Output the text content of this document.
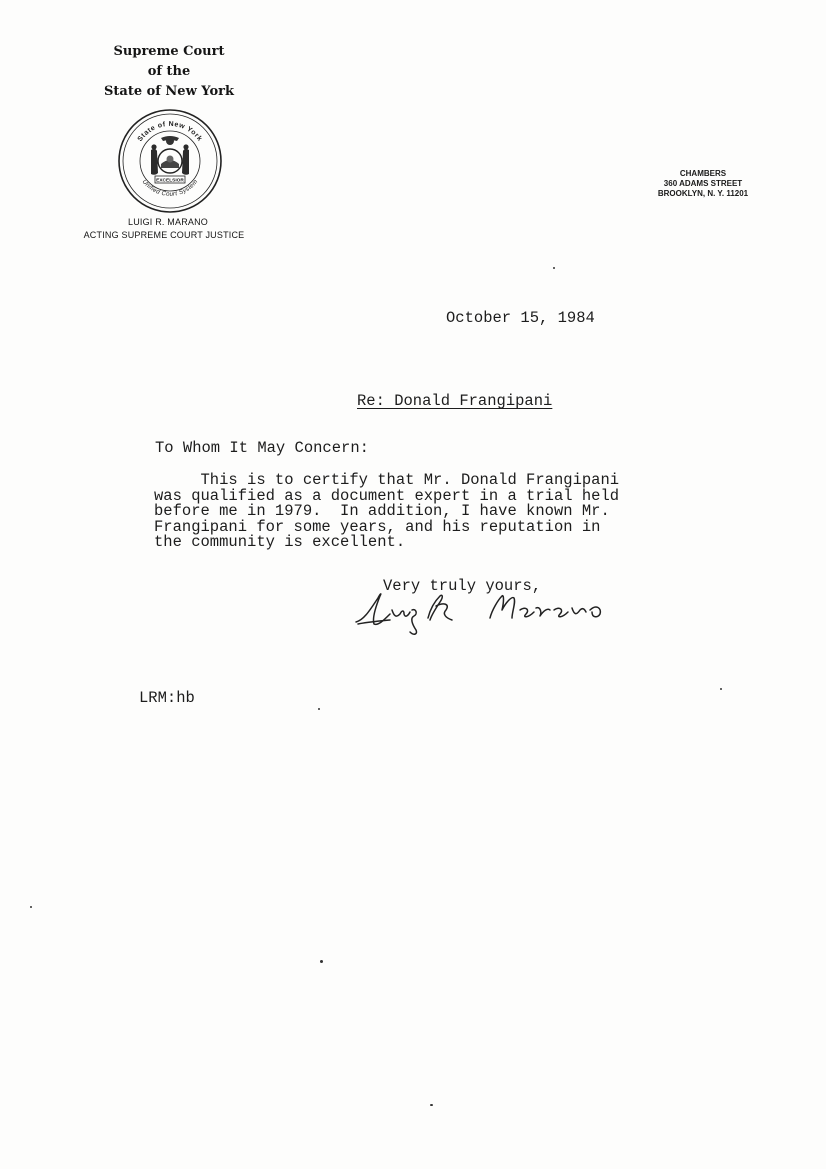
Supreme Court
of the
State of New York
State of New York
Unified Court System
EXCELSIOR
LUIGI R. MARANO
ACTING SUPREME COURT JUSTICE
CHAMBERS
360 ADAMS STREET
BROOKLYN, N. Y. 11201
October 15, 1984
Re: Donald Frangipani
To Whom It May Concern:
This is to certify that Mr. Donald Frangipani
was qualified as a document expert in a trial held
before me in 1979.  In addition, I have known Mr.
Frangipani for some years, and his reputation in
the community is excellent.
Very truly yours,
LRM:hb
